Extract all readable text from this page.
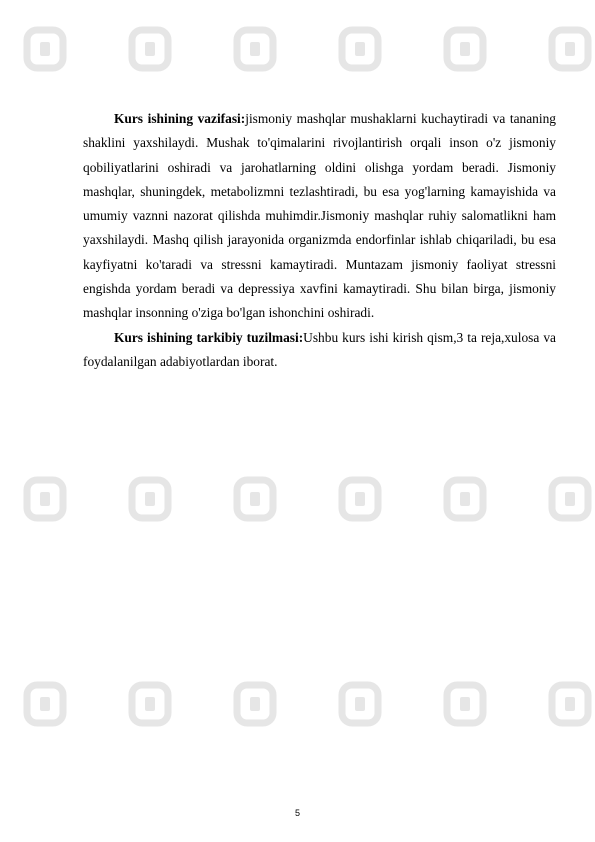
Kurs ishining vazifasi:jismoniy mashqlar mushaklarni kuchaytiradi va tananing shaklini yaxshilaydi. Mushak to'qimalarini rivojlantirish orqali inson o'z jismoniy qobiliyatlarini oshiradi va jarohatlarning oldini olishga yordam beradi. Jismoniy mashqlar, shuningdek, metabolizmni tezlashtiradi, bu esa yog'larning kamayishida va umumiy vaznni nazorat qilishda muhimdir.Jismoniy mashqlar ruhiy salomatlikni ham yaxshilaydi. Mashq qilish jarayonida organizmda endorfinlar ishlab chiqariladi, bu esa kayfiyatni ko'taradi va stressni kamaytiradi. Muntazam jismoniy faoliyat stressni engishda yordam beradi va depressiya xavfini kamaytiradi. Shu bilan birga, jismoniy mashqlar insonning o'ziga bo'lgan ishonchini oshiradi.

Kurs ishining tarkibiy tuzilmasi:Ushbu kurs ishi kirish qism,3 ta reja,xulosa va foydalanilgan adabiyotlardan iborat.

5
